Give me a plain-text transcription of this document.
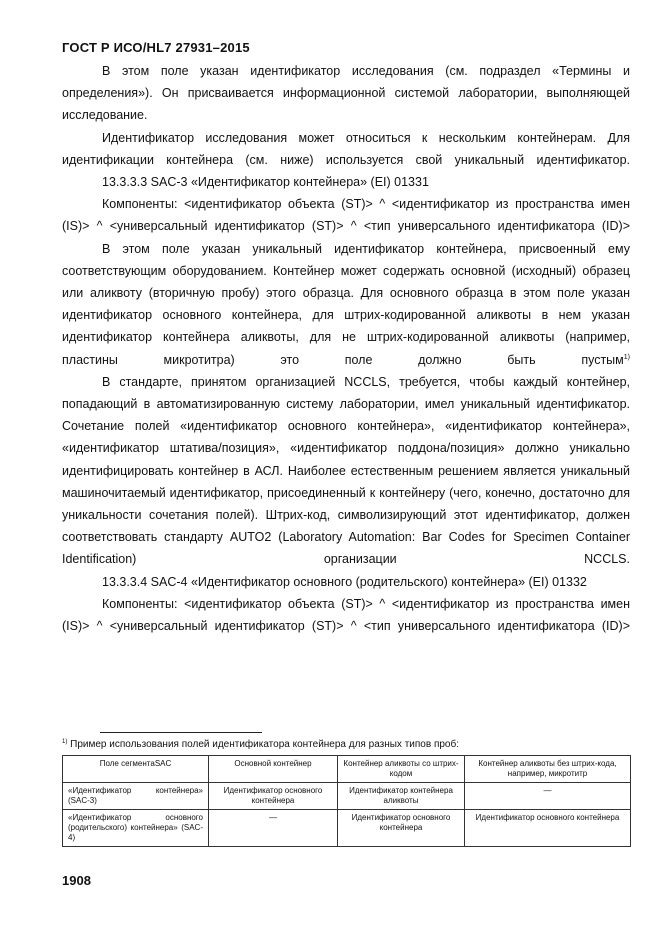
ГОСТ Р ИСО/HL7 27931–2015

В этом поле указан идентификатор исследования (см. подраздел «Термины и определения»). Он присваивается информационной системой лаборатории, выполняющей исследование.

Идентификатор исследования может относиться к нескольким контейнерам. Для идентификации контейнера (см. ниже) используется свой уникальный идентификатор.

13.3.3.3 SAC-3 «Идентификатор контейнера» (EI) 01331

Компоненты: <идентификатор объекта (ST)> ^ <идентификатор из пространства имен (IS)> ^ <универсальный идентификатор (ST)> ^ <тип универсального идентификатора (ID)>

В этом поле указан уникальный идентификатор контейнера, присвоенный ему соответствующим оборудованием. Контейнер может содержать основной (исходный) образец или аликвоту (вторичную пробу) этого образца. Для основного образца в этом поле указан идентификатор основного контейнера, для штрих-кодированной аликвоты в нем указан идентификатор контейнера аликвоты, для не штрих-кодированной аликвоты (например, пластины микротитра) это поле должно быть пустым$^{1)}$

В стандарте, принятом организацией NCCLS, требуется, чтобы каждый контейнер, попадающий в автоматизированную систему лаборатории, имел уникальный идентификатор. Сочетание полей «идентификатор основного контейнера», «идентификатор контейнера», «идентификатор штатива/позиция», «идентификатор поддона/позиция» должно уникально идентифицировать контейнер в АСЛ. Наиболее естественным решением является уникальный машиночитаемый идентификатор, присоединенный к контейнеру (чего, конечно, достаточно для уникальности сочетания полей). Штрих-код, символизирующий этот идентификатор, должен соответствовать стандарту AUTO2 (Laboratory Automation: Bar Codes for Specimen Container Identification) организации NCCLS.

13.3.3.4 SAC-4 «Идентификатор основного (родительского) контейнера» (EI) 01332

Компоненты: <идентификатор объекта (ST)> ^ <идентификатор из пространства имен (IS)> ^ <универсальный идентификатор (ST)> ^ <тип универсального идентификатора (ID)>

$^{1)}$ Пример использования полей идентификатора контейнера для разных типов проб:
Поле сегментаSAC	Основной контейнер	Контейнер аликвоты со штрих-кодом	Контейнер аликвоты без штрих-кода, например, микротитр

«Идентификатор контейнера» (SAC-3)	Идентификатор основного контейнера	Идентификатор контейнера аликвоты	—

«Идентификатор основного (родительского) контейнера» (SAC-4)	—	Идентификатор основного контейнера	Идентификатор основного контейнера
1908
